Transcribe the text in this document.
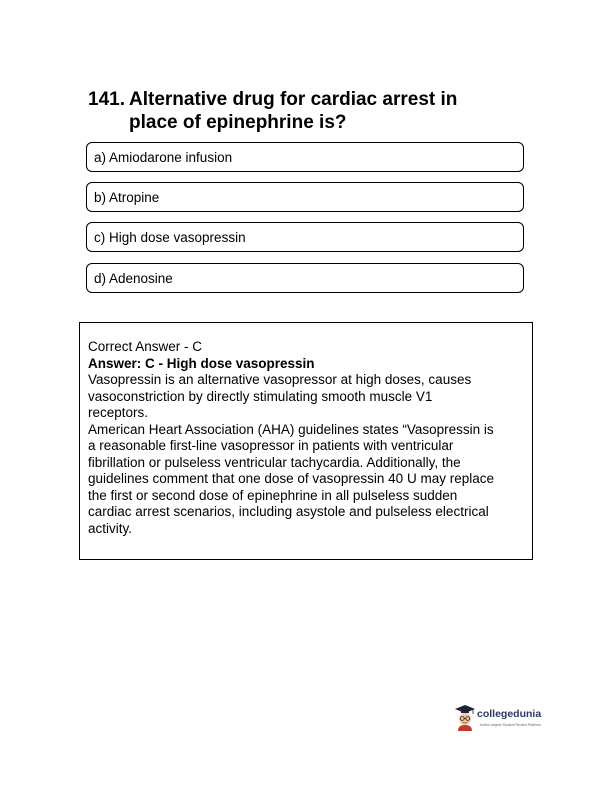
141. Alternative drug for cardiac arrest in
place of epinephrine is?
a) Amiodarone infusion
b) Atropine
c) High dose vasopressin
d) Adenosine
Correct Answer - C
Answer: C - High dose vasopressin
Vasopressin is an alternative vasopressor at high doses, causes
vasoconstriction by directly stimulating smooth muscle V1
receptors.
American Heart Association (AHA) guidelines states “Vasopressin is
a reasonable first-line vasopressor in patients with ventricular
fibrillation or pulseless ventricular tachycardia. Additionally, the
guidelines comment that one dose of vasopressin 40 U may replace
the first or second dose of epinephrine in all pulseless sudden
cardiac arrest scenarios, including asystole and pulseless electrical
activity.
collegedunia
India's largest Student Review Platform
